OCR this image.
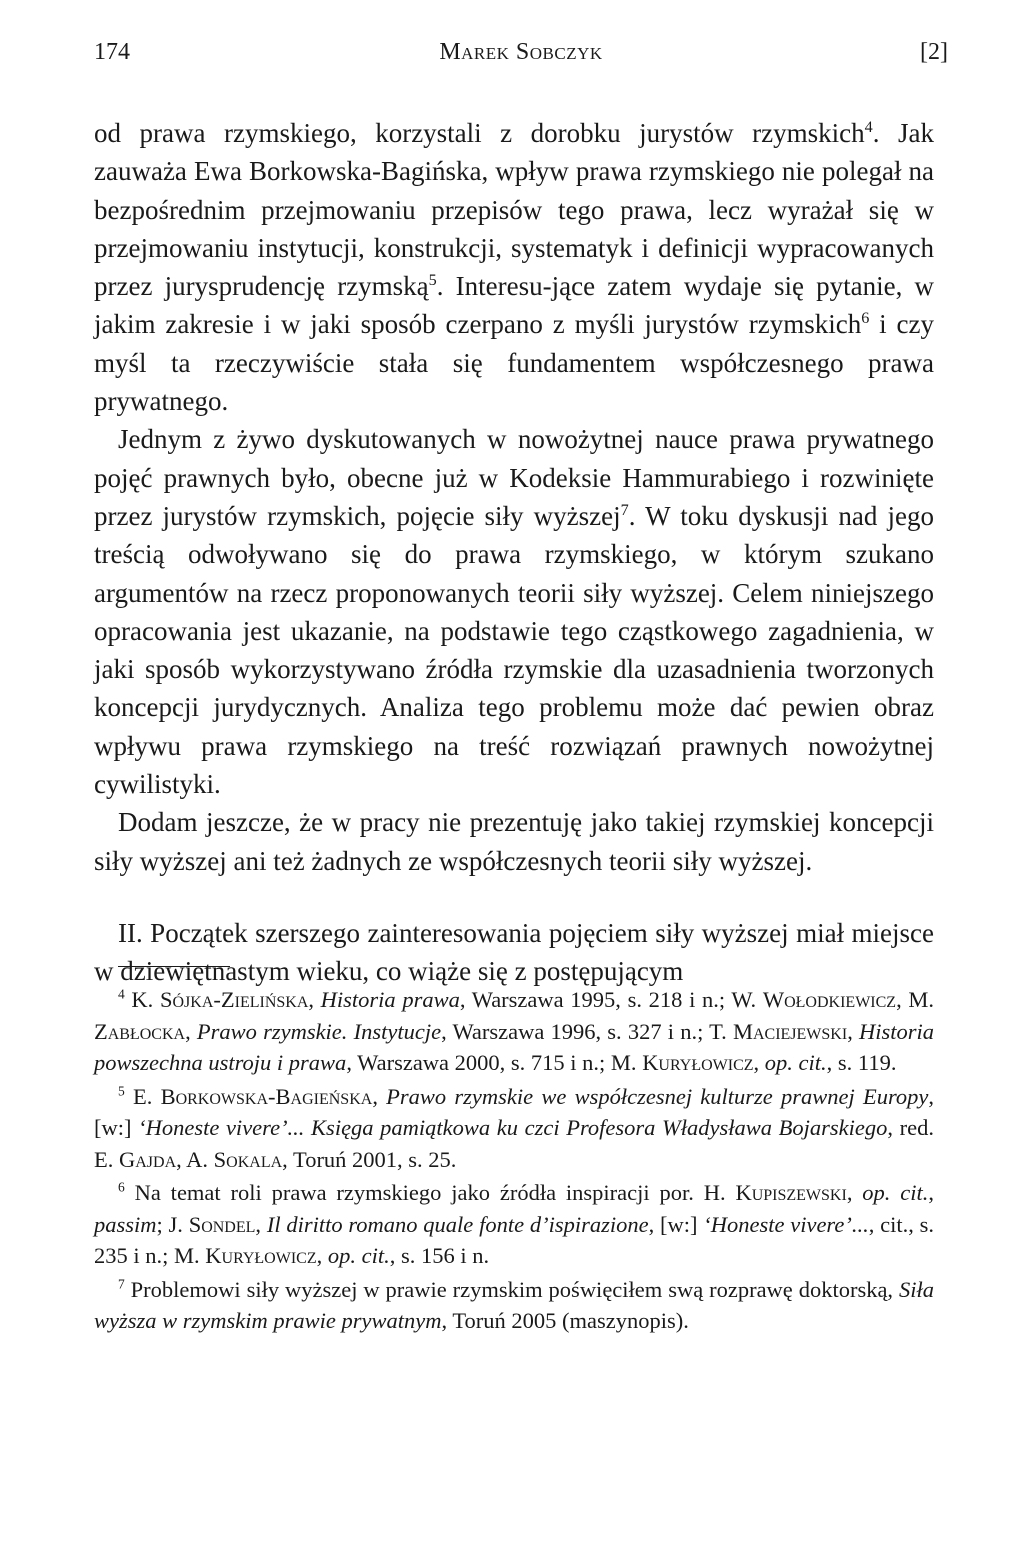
174	Marek Sobczyk	[2]

od prawa rzymskiego, korzystali z dorobku jurystów rzymskich$^4$. Jak zauważa Ewa Borkowska-Bagińska, wpływ prawa rzymskiego nie polegał na bezpośrednim przejmowaniu przepisów tego prawa, lecz wyrażał się w przejmowaniu instytucji, konstrukcji, systematyk i definicji wypracowanych przez jurysprudencję rzymską$^5$. Interesu-jące zatem wydaje się pytanie, w jakim zakresie i w jaki sposób czerpano z myśli jurystów rzymskich$^6$ i czy myśl ta rzeczywiście stała się fundamentem współczesnego prawa prywatnego.

Jednym z żywo dyskutowanych w nowożytnej nauce prawa prywatnego pojęć prawnych było, obecne już w Kodeksie Hammurabiego i rozwinięte przez jurystów rzymskich, pojęcie siły wyższej$^7$. W toku dyskusji nad jego treścią odwoływano się do prawa rzymskiego, w którym szukano argumentów na rzecz proponowanych teorii siły wyższej. Celem niniejszego opracowania jest ukazanie, na podstawie tego cząstkowego zagadnienia, w jaki sposób wykorzystywano źródła rzymskie dla uzasadnienia tworzonych koncepcji jurydycznych. Analiza tego problemu może dać pewien obraz wpływu prawa rzymskiego na treść rozwiązań prawnych nowożytnej cywilistyki.

Dodam jeszcze, że w pracy nie prezentuję jako takiej rzymskiej koncepcji siły wyższej ani też żadnych ze współczesnych teorii siły wyższej.

II. Początek szerszego zainteresowania pojęciem siły wyższej miał miejsce w dziewiętnastym wieku, co wiąże się z postępującym

$^4$ K. Sójka-Zielińska, Historia prawa, Warszawa 1995, s. 218 i n.; W. Wołodkiewicz, M. Zabłocka, Prawo rzymskie. Instytucje, Warszawa 1996, s. 327 i n.; T. Maciejewski, Historia powszechna ustroju i prawa, Warszawa 2000, s. 715 i n.; M. Kuryłowicz, op. cit., s. 119.

$^5$ E. Borkowska-Bagieńska, Prawo rzymskie we współczesnej kulturze prawnej Europy, [w:] ‘Honeste vivere’... Księga pamiątkowa ku czci Profesora Władysława Bojarskiego, red. E. Gajda, A. Sokala, Toruń 2001, s. 25.

$^6$ Na temat roli prawa rzymskiego jako źródła inspiracji por. H. Kupiszewski, op. cit., passim; J. Sondel, Il diritto romano quale fonte d’ispirazione, [w:] ‘Honeste vivere’..., cit., s. 235 i n.; M. Kuryłowicz, op. cit., s. 156 i n.

$^7$ Problemowi siły wyższej w prawie rzymskim poświęciłem swą rozprawę doktorską, Siła wyższa w rzymskim prawie prywatnym, Toruń 2005 (maszynopis).
